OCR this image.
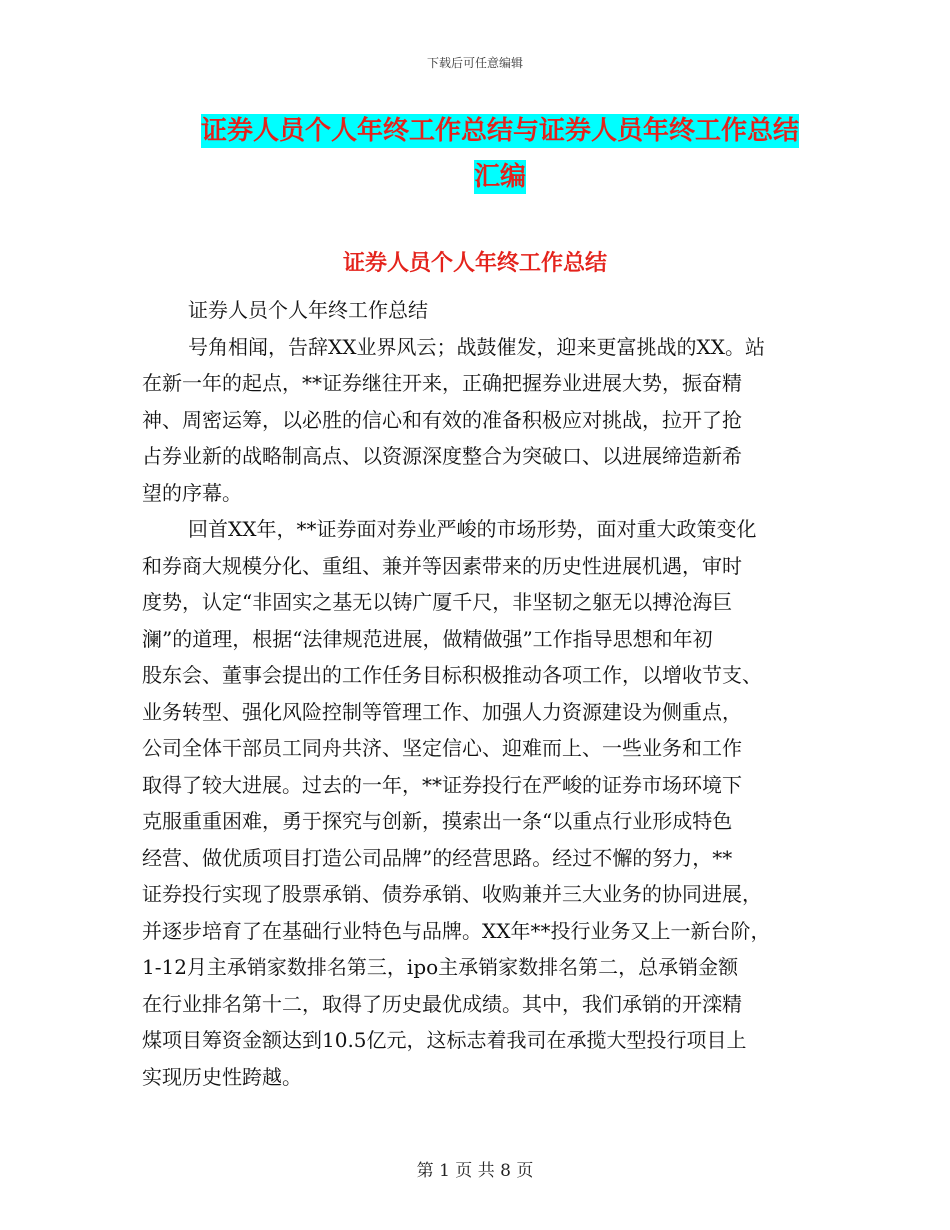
下载后可任意编辑
证券人员个人年终工作总结与证券人员年终工作总结
汇编
证券人员个人年终工作总结
证券人员个人年终工作总结
号角相闻，告辞XX业界风云；战鼓催发，迎来更富挑战的XX。站
在新一年的起点，**证券继往开来，正确把握券业进展大势，振奋精
神、周密运筹，以必胜的信心和有效的准备积极应对挑战，拉开了抢
占券业新的战略制高点、以资源深度整合为突破口、以进展缔造新希
望的序幕。
回首XX年，**证券面对券业严峻的市场形势，面对重大政策变化
和券商大规模分化、重组、兼并等因素带来的历史性进展机遇，审时
度势，认定“非固实之基无以铸广厦千尺，非坚韧之躯无以搏沧海巨
澜”的道理，根据“法律规范进展，做精做强”工作指导思想和年初
股东会、董事会提出的工作任务目标积极推动各项工作，以增收节支、
业务转型、强化风险控制等管理工作、加强人力资源建设为侧重点，
公司全体干部员工同舟共济、坚定信心、迎难而上、一些业务和工作
取得了较大进展。过去的一年，**证券投行在严峻的证券市场环境下
克服重重困难，勇于探究与创新，摸索出一条“以重点行业形成特色
经营、做优质项目打造公司品牌”的经营思路。经过不懈的努力，**
证券投行实现了股票承销、债券承销、收购兼并三大业务的协同进展，
并逐步培育了在基础行业特色与品牌。XX年**投行业务又上一新台阶，
1-12月主承销家数排名第三，ipo主承销家数排名第二，总承销金额
在行业排名第十二，取得了历史最优成绩。其中，我们承销的开滦精
煤项目筹资金额达到10.5亿元，这标志着我司在承揽大型投行项目上
实现历史性跨越。
第 1 页 共 8 页
